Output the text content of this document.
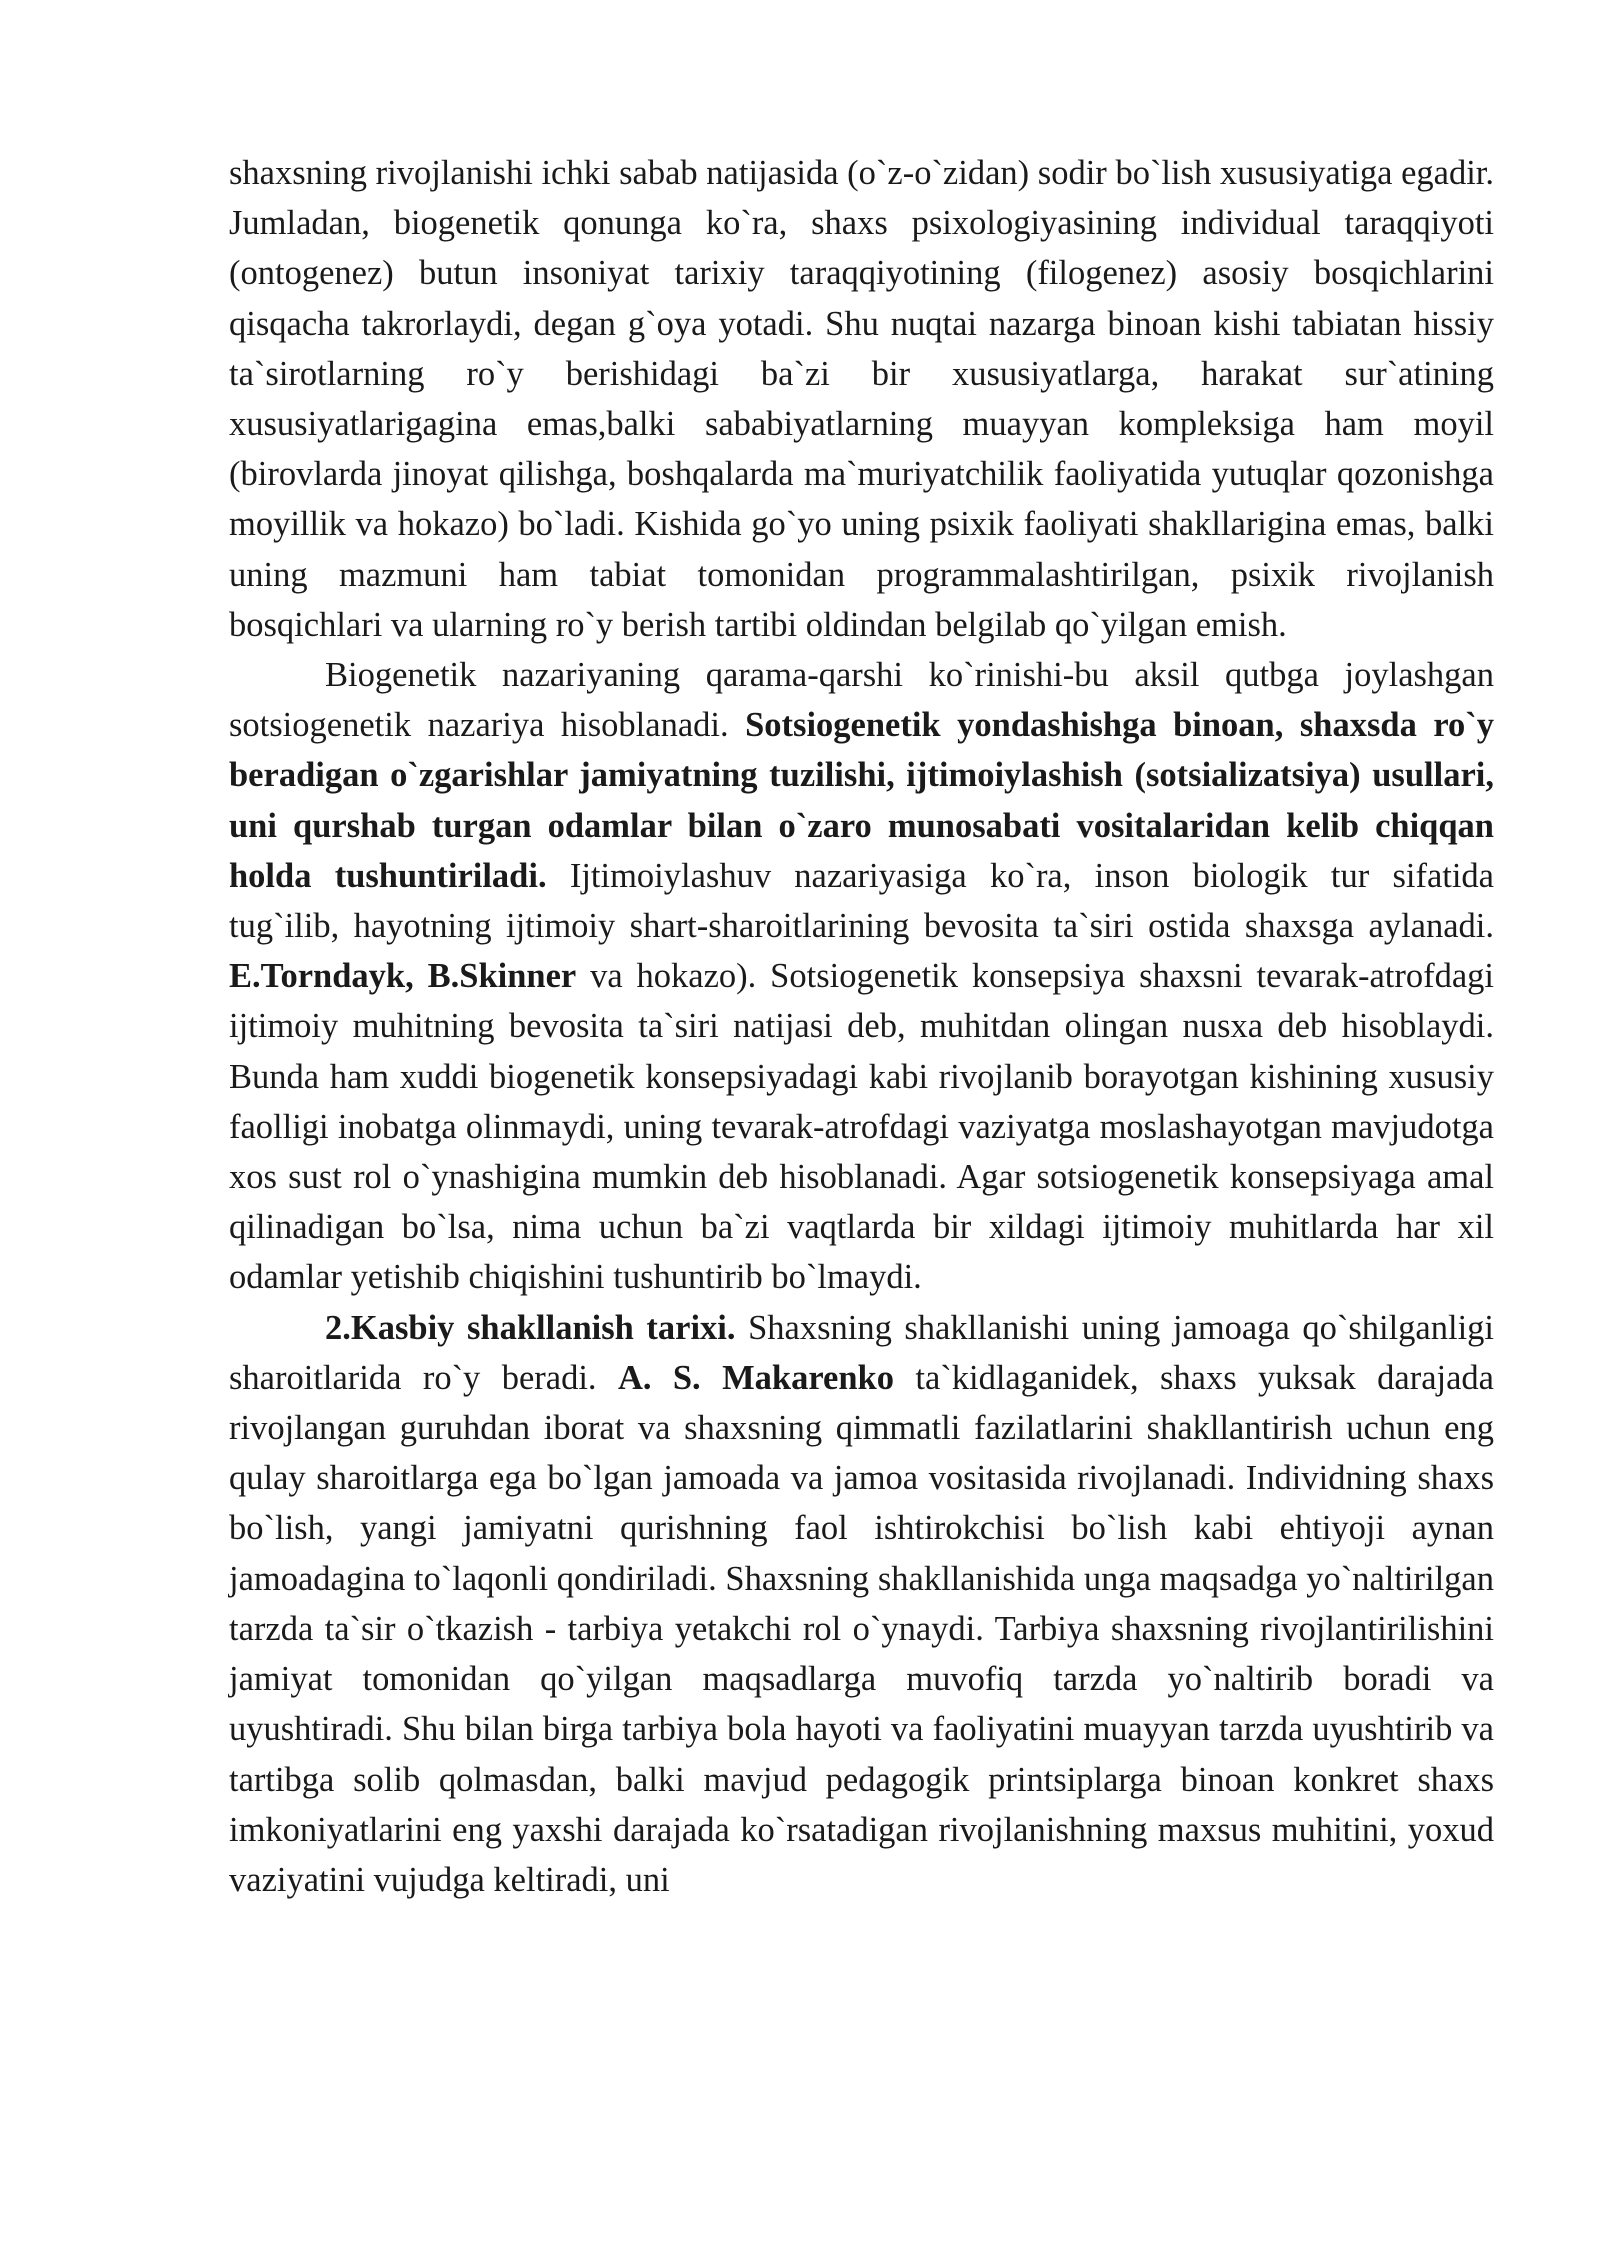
shaxsning rivojlanishi ichki sabab natijasida (o`z-o`zidan) sodir bo`lish xususiyatiga egadir. Jumladan, biogenetik qonunga ko`ra, shaxs psixologiyasining individual taraqqiyoti (ontogenez) butun insoniyat tarixiy taraqqiyotining (filogenez) asosiy bosqichlarini qisqacha takrorlaydi, degan g`oya yotadi. Shu nuqtai nazarga binoan kishi tabiatan hissiy ta`sirotlarning ro`y berishidagi ba`zi bir xususiyatlarga, harakat sur`atining xususiyatlarigagina emas,balki sababiyatlarning muayyan kompleksiga ham moyil (birovlarda jinoyat qilishga, boshqalarda ma`muriyatchilik faoliyatida yutuqlar qozonishga moyillik va hokazo) bo`ladi. Kishida go`yo uning psixik faoliyati shakllarigina emas, balki uning mazmuni ham tabiat tomonidan programmalashtirilgan, psixik rivojlanish bosqichlari va ularning ro`y berish tartibi oldindan belgilab qo`yilgan emish.

Biogenetik nazariyaning qarama-qarshi ko`rinishi-bu aksil qutbga joylashgan sotsiogenetik nazariya hisoblanadi. Sotsiogenetik yondashishga binoan, shaxsda ro`y beradigan o`zgarishlar jamiyatning tuzilishi, ijtimoiylashish (sotsializatsiya) usullari, uni qurshab turgan odamlar bilan o`zaro munosabati vositalaridan kelib chiqqan holda tushuntiriladi. Ijtimoiylashuv nazariyasiga ko`ra, inson biologik tur sifatida tug`ilib, hayotning ijtimoiy shart-sharoitlarining bevosita ta`siri ostida shaxsga aylanadi. E.Torndayk, B.Skinner va hokazo). Sotsiogenetik konsepsiya shaxsni tevarak-atrofdagi ijtimoiy muhitning bevosita ta`siri natijasi deb, muhitdan olingan nusxa deb hisoblaydi. Bunda ham xuddi biogenetik konsepsiyadagi kabi rivojlanib borayotgan kishining xususiy faolligi inobatga olinmaydi, uning tevarak-atrofdagi vaziyatga moslashayotgan mavjudotga xos sust rol o`ynashigina mumkin deb hisoblanadi. Agar sotsiogenetik konsepsiyaga amal qilinadigan bo`lsa, nima uchun ba`zi vaqtlarda bir xildagi ijtimoiy muhitlarda har xil odamlar yetishib chiqishini tushuntirib bo`lmaydi.

2.Kasbiy shakllanish tarixi. Shaxsning shakllanishi uning jamoaga qo`shilganligi sharoitlarida ro`y beradi. A. S. Makarenko ta`kidlaganidek, shaxs yuksak darajada rivojlangan guruhdan iborat va shaxsning qimmatli fazilatlarini shakllantirish uchun eng qulay sharoitlarga ega bo`lgan jamoada va jamoa vositasida rivojlanadi. Individning shaxs bo`lish, yangi jamiyatni qurishning faol ishtirokchisi bo`lish kabi ehtiyoji aynan jamoadagina to`laqonli qondiriladi. Shaxsning shakllanishida unga maqsadga yo`naltirilgan tarzda ta`sir o`tkazish - tarbiya yetakchi rol o`ynaydi. Tarbiya shaxsning rivojlantirilishini jamiyat tomonidan qo`yilgan maqsadlarga muvofiq tarzda yo`naltirib boradi va uyushtiradi. Shu bilan birga tarbiya bola hayoti va faoliyatini muayyan tarzda uyushtirib va tartibga solib qolmasdan, balki mavjud pedagogik printsiplarga binoan konkret shaxs imkoniyatlarini eng yaxshi darajada ko`rsatadigan rivojlanishning maxsus muhitini, yoxud vaziyatini vujudga keltiradi, uni
